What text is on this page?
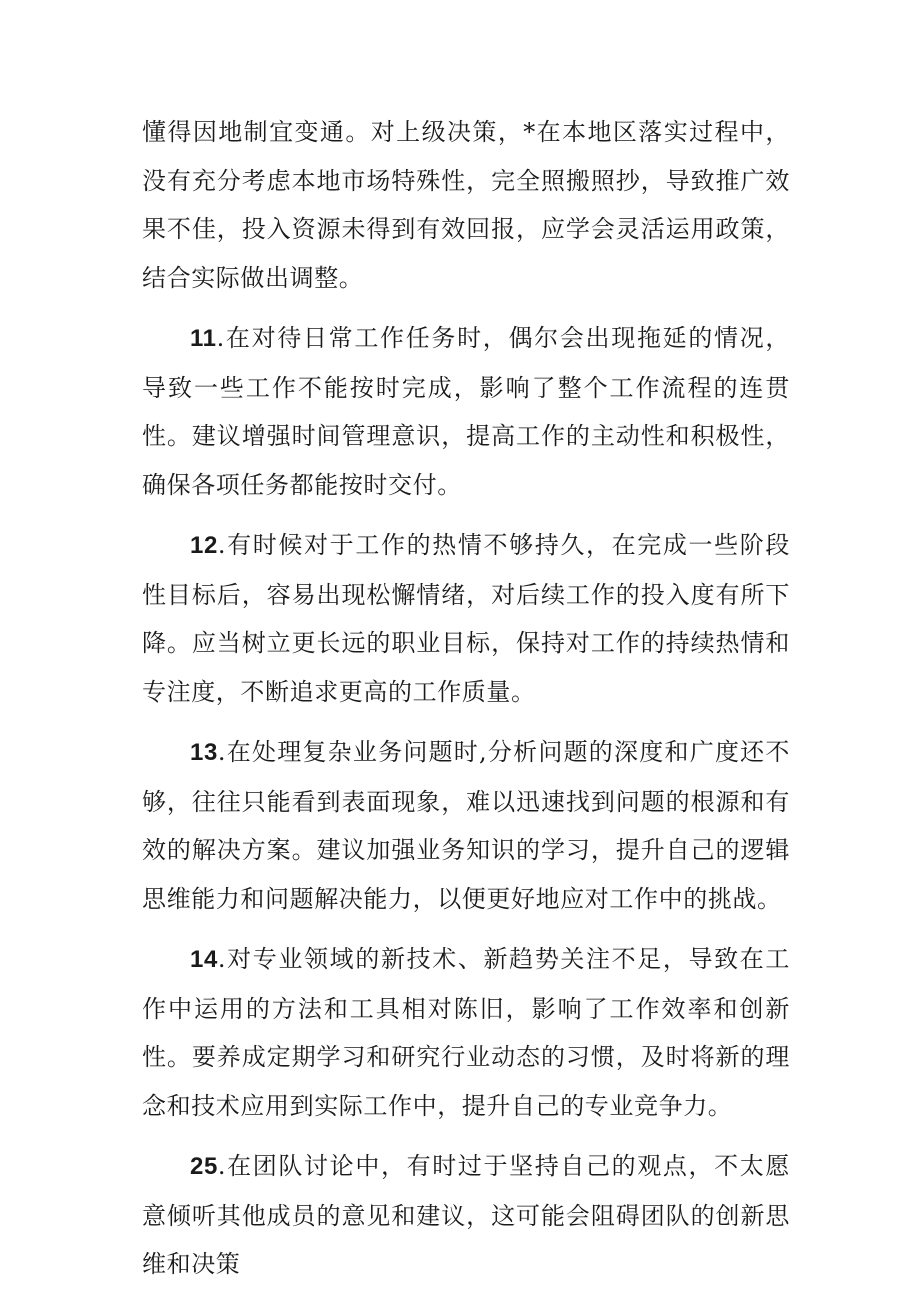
懂得因地制宜变通。对上级决策，*在本地区落实过程中，没有充分考虑本地市场特殊性，完全照搬照抄，导致推广效果不佳，投入资源未得到有效回报，应学会灵活运用政策，结合实际做出调整。

11.在对待日常工作任务时，偶尔会出现拖延的情况，导致一些工作不能按时完成，影响了整个工作流程的连贯性。建议增强时间管理意识，提高工作的主动性和积极性，确保各项任务都能按时交付。

12.有时候对于工作的热情不够持久，在完成一些阶段性目标后，容易出现松懈情绪，对后续工作的投入度有所下降。应当树立更长远的职业目标，保持对工作的持续热情和专注度，不断追求更高的工作质量。

13.在处理复杂业务问题时,分析问题的深度和广度还不够，往往只能看到表面现象，难以迅速找到问题的根源和有效的解决方案。建议加强业务知识的学习，提升自己的逻辑思维能力和问题解决能力，以便更好地应对工作中的挑战。

14.对专业领域的新技术、新趋势关注不足，导致在工作中运用的方法和工具相对陈旧，影响了工作效率和创新性。要养成定期学习和研究行业动态的习惯，及时将新的理念和技术应用到实际工作中，提升自己的专业竞争力。

25.在团队讨论中，有时过于坚持自己的观点，不太愿意倾听其他成员的意见和建议，这可能会阻碍团队的创新思维和决策
